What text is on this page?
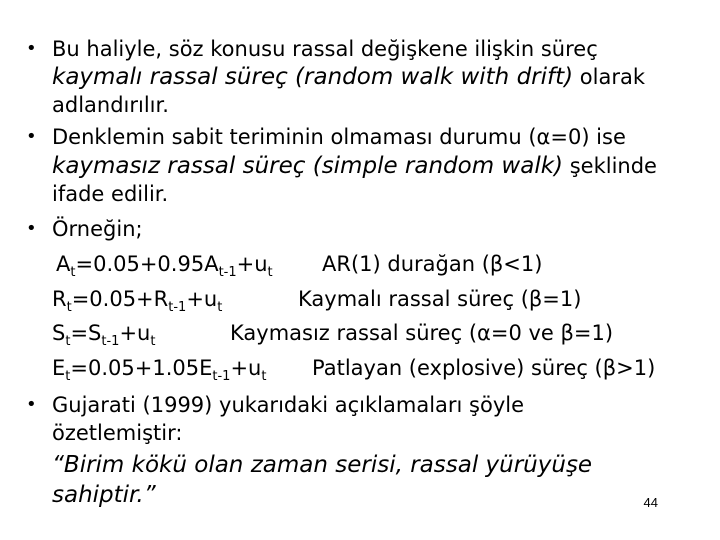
• Bu haliyle, söz konusu rassal değişkene ilişkin süreç
kaymalı rassal süreç (random walk with drift) olarak
adlandırılır.
• Denklemin sabit teriminin olmaması durumu (α=0) ise
kaymasız rassal süreç (simple random walk) şeklinde
ifade edilir.
• Örneğin;
$A_t=0.05+0.95A_{t-1}+u_t$ AR(1) durağan (β<1)
$R_t=0.05+R_{t-1}+u_t$	Kaymalı rassal süreç (β=1)
$S_t=S_{t-1}+u_t$	Kaymasız rassal süreç (α=0 ve β=1)
$E_t=0.05+1.05E_{t-1}+u_t$ Patlayan (explosive) süreç (β>1)
• Gujarati (1999) yukarıdaki açıklamaları şöyle
özetlemiştir:
“Birim kökü olan zaman serisi, rassal yürüyüşe
sahiptir.”	44
